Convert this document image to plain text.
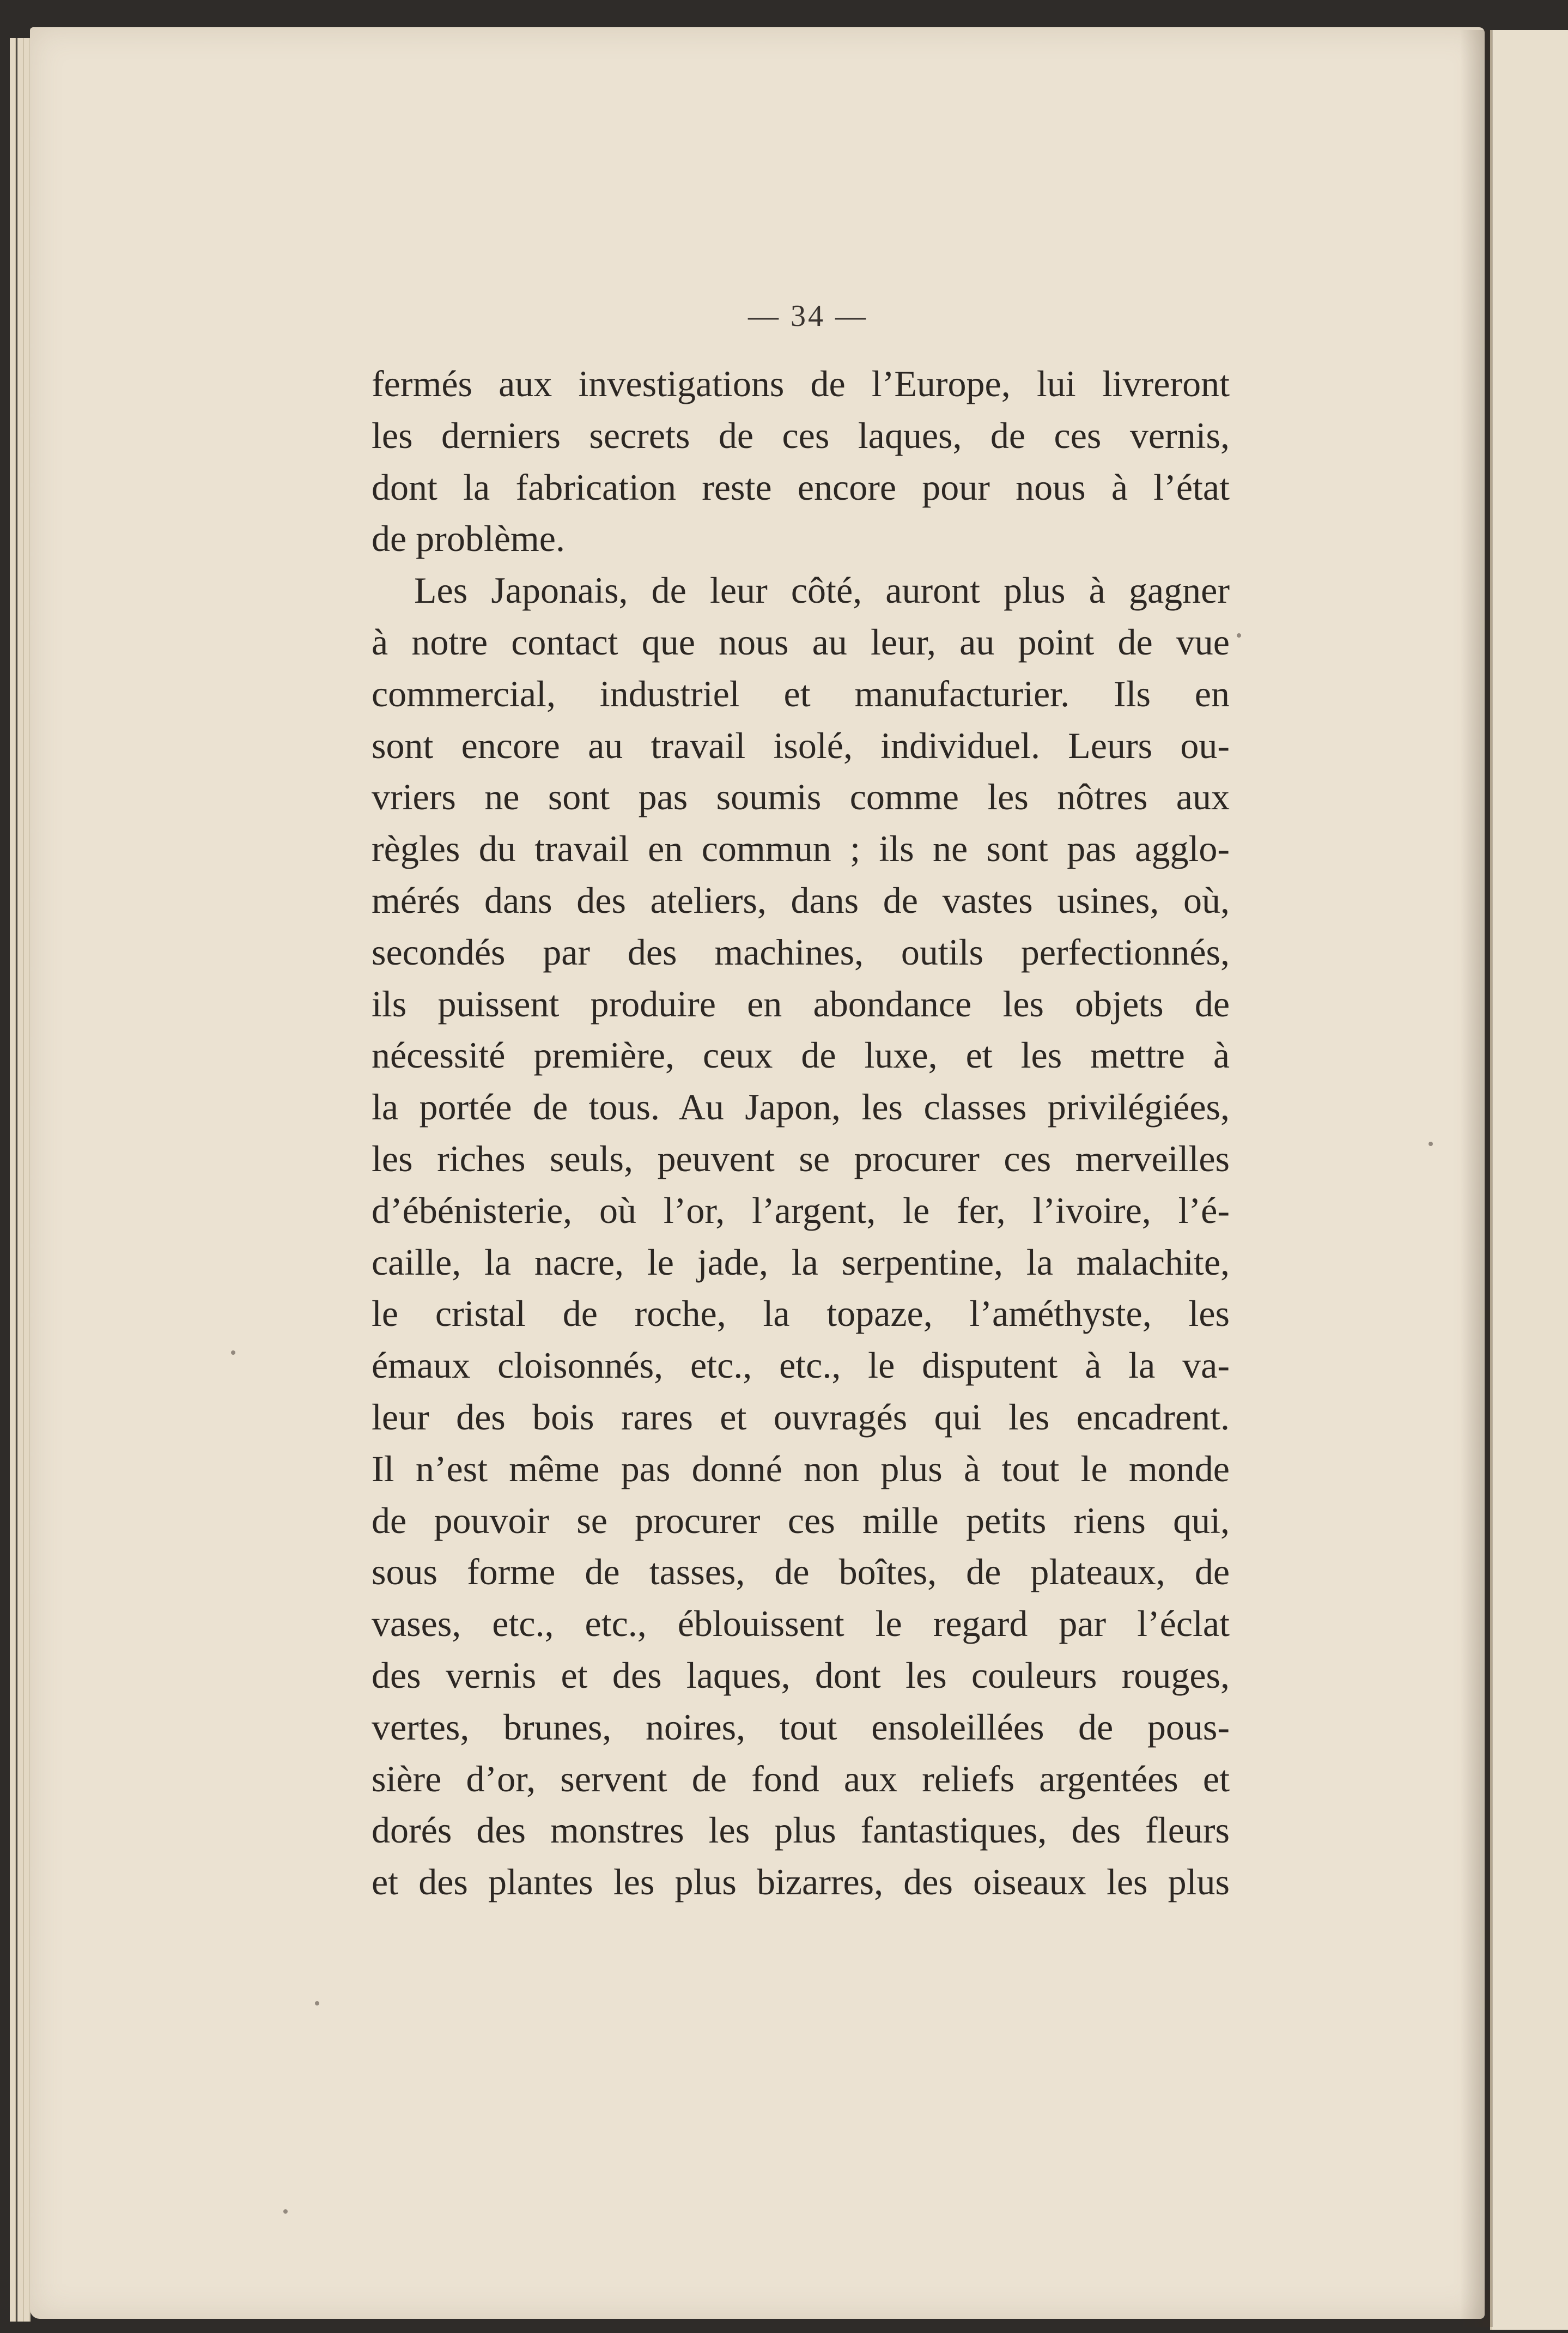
— 34 —
fermés aux investigations de l’Europe, lui livreront
les derniers secrets de ces laques, de ces vernis,
dont la fabrication reste encore pour nous à l’état
de problème.
Les Japonais, de leur côté, auront plus à gagner
à notre contact que nous au leur, au point de vue
commercial, industriel et manufacturier. Ils en
sont encore au travail isolé, individuel. Leurs ou-
vriers ne sont pas soumis comme les nôtres aux
règles du travail en commun ; ils ne sont pas agglo-
mérés dans des ateliers, dans de vastes usines, où,
secondés par des machines, outils perfectionnés,
ils puissent produire en abondance les objets de
nécessité première, ceux de luxe, et les mettre à
la portée de tous. Au Japon, les classes privilégiées,
les riches seuls, peuvent se procurer ces merveilles
d’ébénisterie, où l’or, l’argent, le fer, l’ivoire, l’é-
caille, la nacre, le jade, la serpentine, la malachite,
le cristal de roche, la topaze, l’améthyste, les
émaux cloisonnés, etc., etc., le disputent à la va-
leur des bois rares et ouvragés qui les encadrent.
Il n’est même pas donné non plus à tout le monde
de pouvoir se procurer ces mille petits riens qui,
sous forme de tasses, de boîtes, de plateaux, de
vases, etc., etc., éblouissent le regard par l’éclat
des vernis et des laques, dont les couleurs rouges,
vertes, brunes, noires, tout ensoleillées de pous-
sière d’or, servent de fond aux reliefs argentées et
dorés des monstres les plus fantastiques, des fleurs
et des plantes les plus bizarres, des oiseaux les plus
